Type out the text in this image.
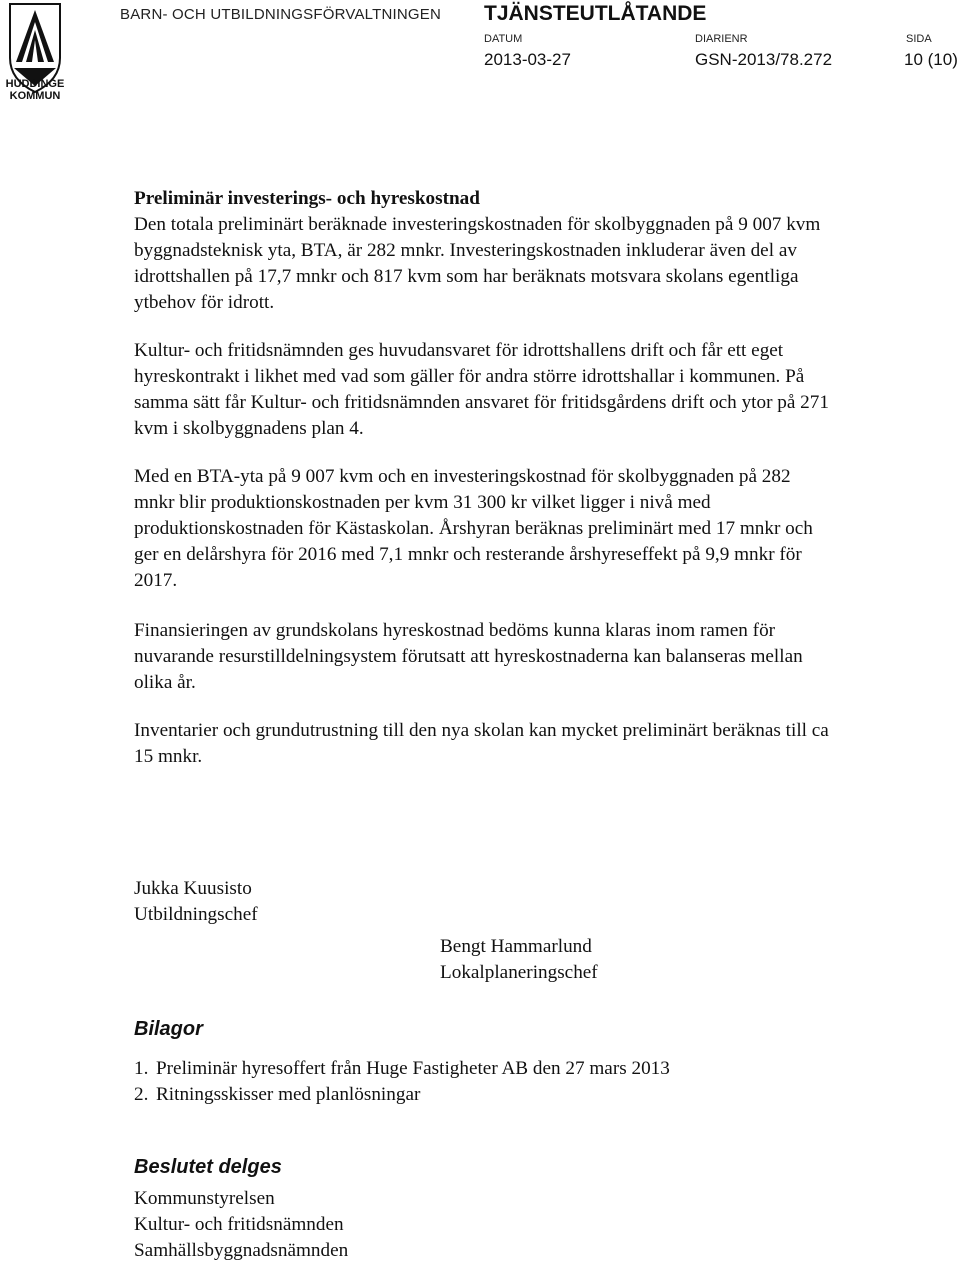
HUDDINGE
KOMMUN
BARN- OCH UTBILDNINGSFÖRVALTNINGEN TJÄNSTEUTLÅTANDE
DATUM
2013-03-27
DIARIENR
GSN-2013/78.272
SIDA
10 (10)
Preliminär investerings- och hyreskostnad
Den totala preliminärt beräknade investeringskostnaden för skolbyggnaden på 9 007 kvm byggnadsteknisk yta, BTA, är 282 mnkr. Investeringskostnaden inkluderar även del av idrottshallen på 17,7 mnkr och 817 kvm som har beräknats motsvara skolans egentliga ytbehov för idrott.
Kultur- och fritidsnämnden ges huvudansvaret för idrottshallens drift och får ett eget hyreskontrakt i likhet med vad som gäller för andra större idrottshallar i kommunen. På samma sätt får Kultur- och fritidsnämnden ansvaret för fritidsgårdens drift och ytor på 271 kvm i skolbyggnadens plan 4.
Med en BTA-yta på 9 007 kvm och en investeringskostnad för skolbyggnaden på 282 mnkr blir produktionskostnaden per kvm 31 300 kr vilket ligger i nivå med produktionskostnaden för Kästaskolan. Årshyran beräknas preliminärt med 17 mnkr och ger en delårshyra för 2016 med 7,1 mnkr och resterande årshyreseffekt på 9,9 mnkr för 2017.
Finansieringen av grundskolans hyreskostnad bedöms kunna klaras inom ramen för nuvarande resurstilldelningsystem förutsatt att hyreskostnaderna kan balanseras mellan olika år.
Inventarier och grundutrustning till den nya skolan kan mycket preliminärt beräknas till ca 15 mnkr.
Jukka Kuusisto
Utbildningschef
Bengt Hammarlund
Lokalplaneringschef
Bilagor
1. Preliminär hyresoffert från Huge Fastigheter AB den 27 mars 2013
2. Ritningsskisser med planlösningar
Beslutet delges
Kommunstyrelsen
Kultur- och fritidsnämnden
Samhällsbyggnadsnämnden
